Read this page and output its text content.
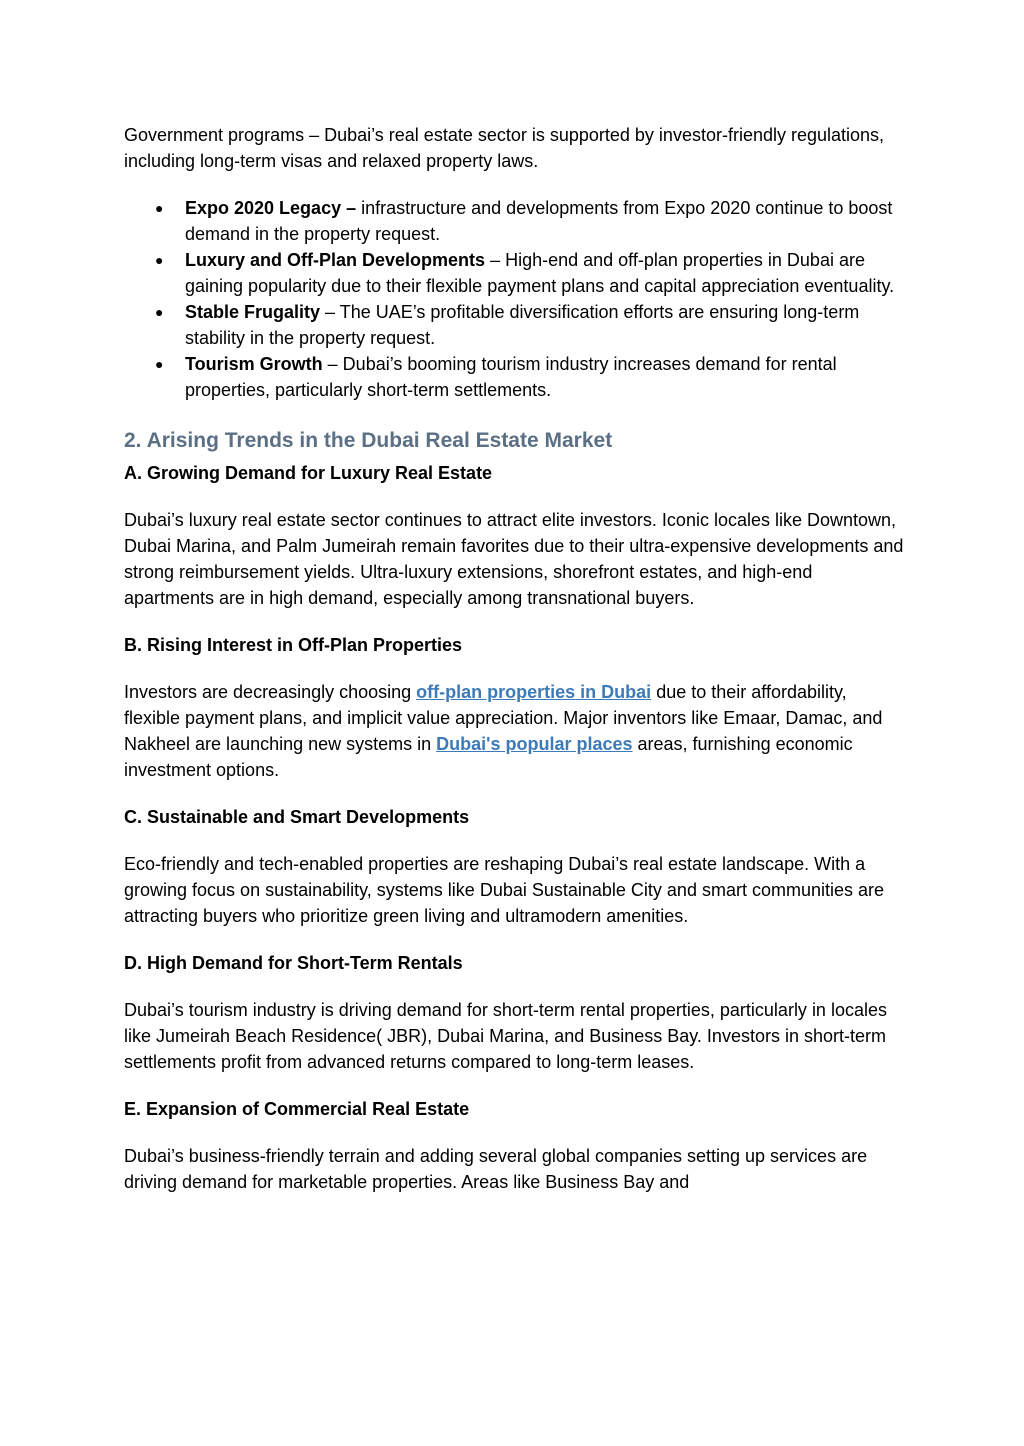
Government programs – Dubai’s real estate sector is supported by investor-friendly regulations, including long-term visas and relaxed property laws.

● Expo 2020 Legacy – infrastructure and developments from Expo 2020 continue to boost demand in the property request.
● Luxury and Off-Plan Developments – High-end and off-plan properties in Dubai are gaining popularity due to their flexible payment plans and capital appreciation eventuality.
● Stable Frugality – The UAE’s profitable diversification efforts are ensuring long-term stability in the property request.
● Tourism Growth – Dubai’s booming tourism industry increases demand for rental properties, particularly short-term settlements.
2. Arising Trends in the Dubai Real Estate Market
A. Growing Demand for Luxury Real Estate

Dubai’s luxury real estate sector continues to attract elite investors. Iconic locales like Downtown, Dubai Marina, and Palm Jumeirah remain favorites due to their ultra-expensive developments and strong reimbursement yields. Ultra-luxury extensions, shorefront estates, and high-end apartments are in high demand, especially among transnational buyers.

B. Rising Interest in Off-Plan Properties

Investors are decreasingly choosing off-plan properties in Dubai due to their affordability, flexible payment plans, and implicit value appreciation. Major inventors like Emaar, Damac, and Nakheel are launching new systems in Dubai's popular places areas, furnishing economic investment options.

C. Sustainable and Smart Developments

Eco-friendly and tech-enabled properties are reshaping Dubai’s real estate landscape. With a growing focus on sustainability, systems like Dubai Sustainable City and smart communities are attracting buyers who prioritize green living and ultramodern amenities.

D. High Demand for Short-Term Rentals

Dubai’s tourism industry is driving demand for short-term rental properties, particularly in locales like Jumeirah Beach Residence( JBR), Dubai Marina, and Business Bay. Investors in short-term settlements profit from advanced returns compared to long-term leases.

E. Expansion of Commercial Real Estate

Dubai’s business-friendly terrain and adding several global companies setting up services are driving demand for marketable properties. Areas like Business Bay and
